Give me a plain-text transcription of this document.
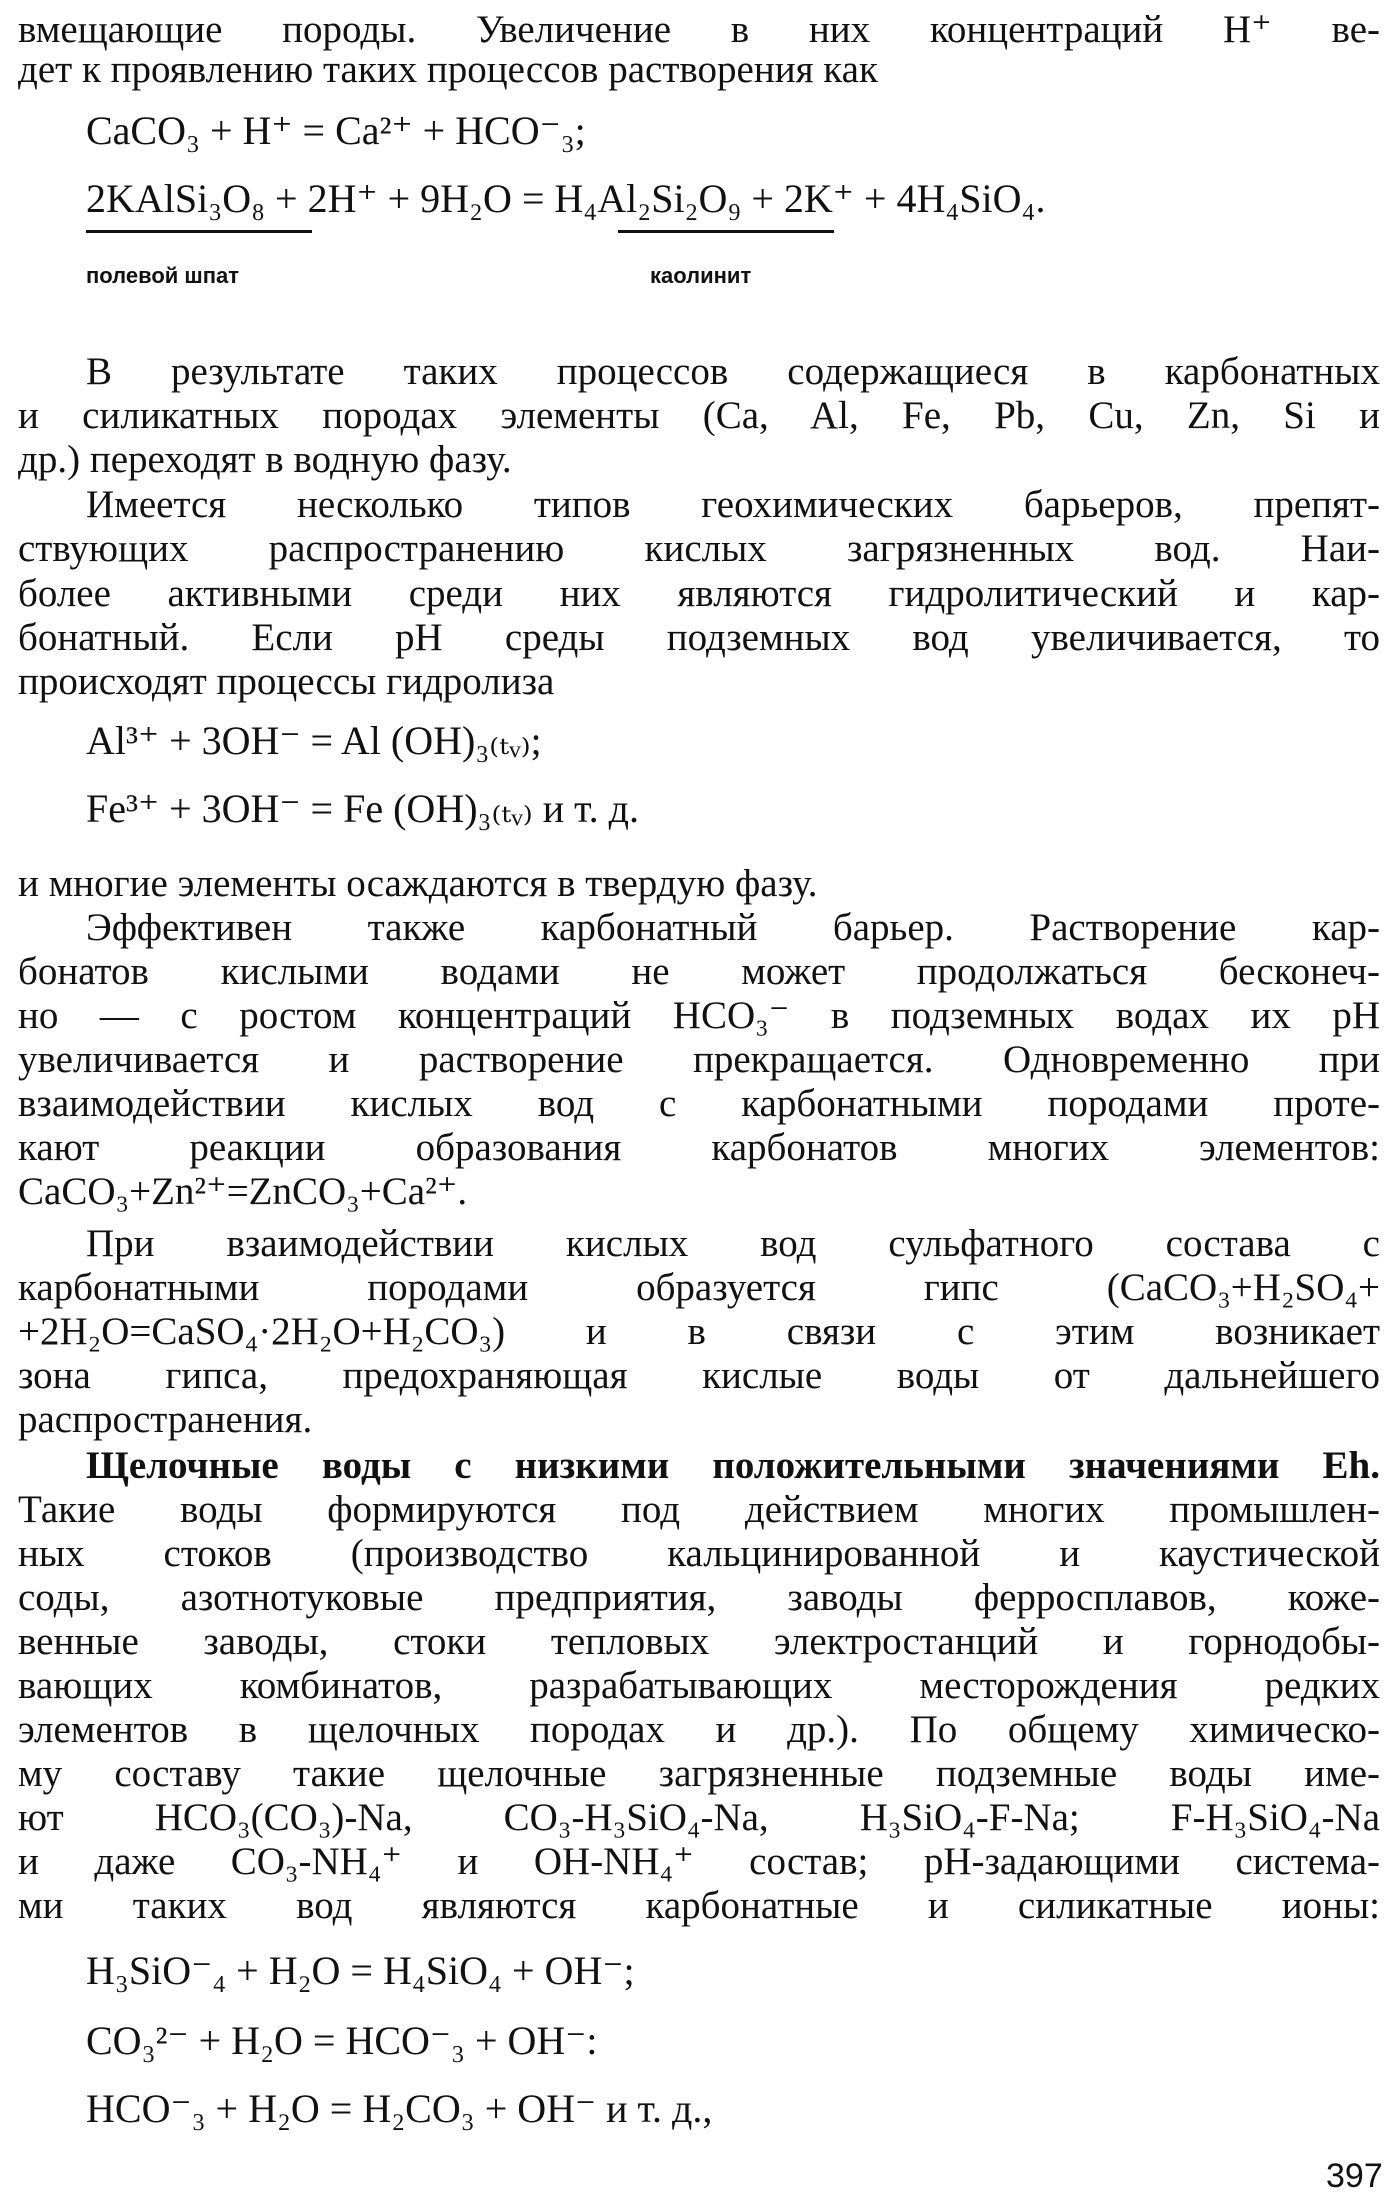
вмещающие породы. Увеличение в них концентраций H⁺ ве-
дет к проявлению таких процессов растворения как
CaCO₃ + H⁺ = Ca²⁺ + HCO⁻₃;
2KAlSi₃O₈ + 2H⁺ + 9H₂O = H₄Al₂Si₂O₉ + 2K⁺ + 4H₄SiO₄.
полевой шпат	каолинит
В результате таких процессов содержащиеся в карбонатных
и силикатных породах элементы (Ca, Al, Fe, Pb, Cu, Zn, Si и
др.) переходят в водную фазу.
Имеется несколько типов геохимических барьеров, препят-
ствующих распространению кислых загрязненных вод. Наи-
более активными среди них являются гидролитический и кар-
бонатный. Если pH среды подземных вод увеличивается, то
происходят процессы гидролиза
Al³⁺ + 3OH⁻ = Al (OH)₃₍ₜᵥ₎;
Fe³⁺ + 3OH⁻ = Fe (OH)₃₍ₜᵥ₎ и т. д.
и многие элементы осаждаются в твердую фазу.
Эффективен также карбонатный барьер. Растворение кар-
бонатов кислыми водами не может продолжаться бесконеч-
но — с ростом концентраций HCO₃⁻ в подземных водах их pH
увеличивается и растворение прекращается. Одновременно при
взаимодействии кислых вод с карбонатными породами проте-
кают реакции образования карбонатов многих элементов:
CaCO₃+Zn²⁺=ZnCO₃+Ca²⁺.
При взаимодействии кислых вод сульфатного состава с
карбонатными породами образуется гипс (CaCO₃+H₂SO₄+
+2H₂O=CaSO₄·2H₂O+H₂CO₃) и в связи с этим возникает
зона гипса, предохраняющая кислые воды от дальнейшего
распространения.
Щелочные воды с низкими положительными значениями Eh.
Такие воды формируются под действием многих промышлен-
ных стоков (производство кальцинированной и каустической
соды, азотнотуковые предприятия, заводы ферросплавов, коже-
венные заводы, стоки тепловых электростанций и горнодобы-
вающих комбинатов, разрабатывающих месторождения редких
элементов в щелочных породах и др.). По общему химическо-
му составу такие щелочные загрязненные подземные воды име-
ют HCO₃(CO₃)-Na, CO₃-H₃SiO₄-Na, H₃SiO₄-F-Na; F-H₃SiO₄-Na
и даже CO₃-NH₄⁺ и OH-NH₄⁺ состав; pH-задающими система-
ми таких вод являются карбонатные и силикатные ионы:
H₃SiO⁻₄ + H₂O = H₄SiO₄ + OH⁻;
CO₃²⁻ + H₂O = HCO⁻₃ + OH⁻:
HCO⁻₃ + H₂O = H₂CO₃ + OH⁻ и т. д.,
397
